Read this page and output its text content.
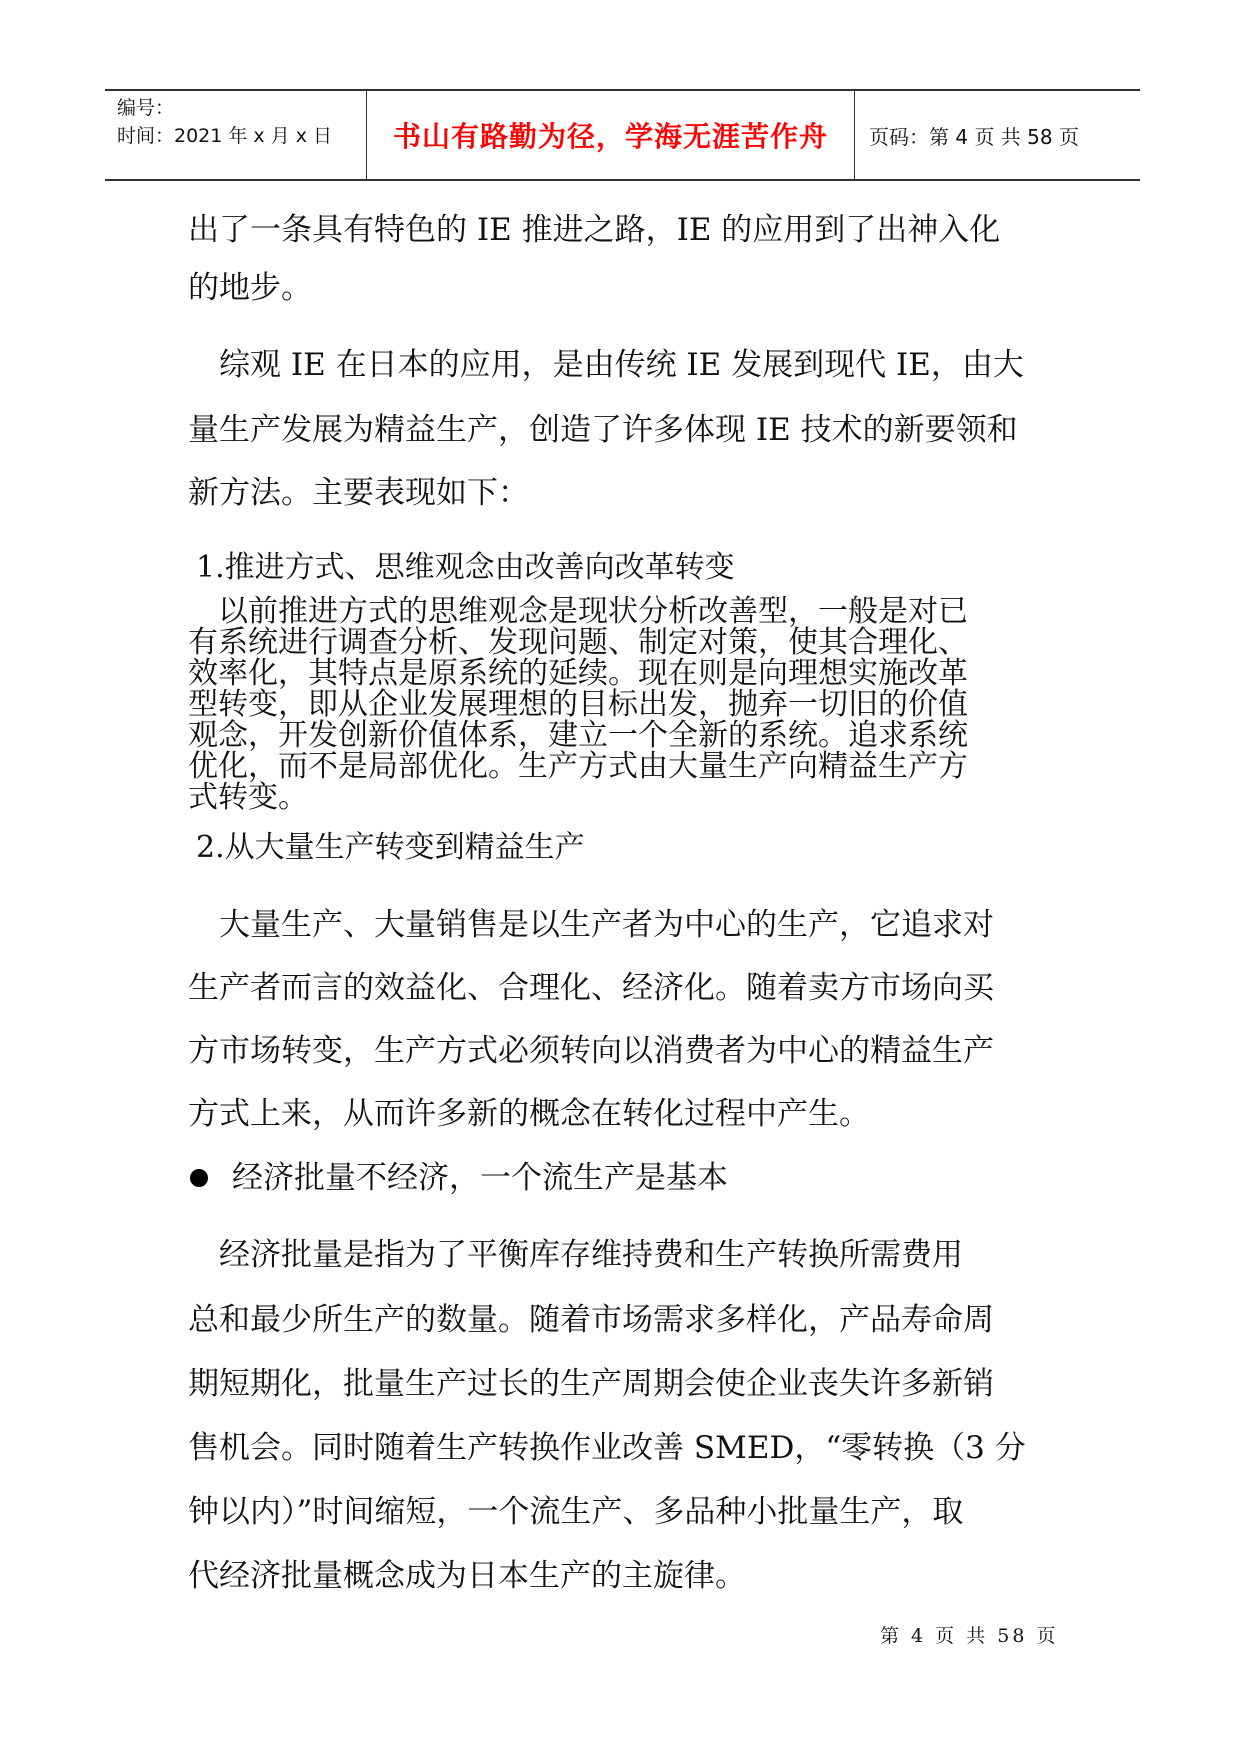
编号：
时间：2021 年 x 月 x 日 书山有路勤为径，学海无涯苦作舟 页码：第 4 页 共 58 页
出了一条具有特色的 IE 推进之路，IE 的应用到了出神入化
的地步。
　综观 IE 在日本的应用，是由传统 IE 发展到现代 IE，由大
量生产发展为精益生产，创造了许多体现 IE 技术的新要领和
新方法。主要表现如下：
1.推进方式、思维观念由改善向改革转变
　以前推进方式的思维观念是现状分析改善型，一般是对已
有系统进行调查分析、发现问题、制定对策，使其合理化、
效率化，其特点是原系统的延续。现在则是向理想实施改革
型转变，即从企业发展理想的目标出发，抛弃一切旧的价值
观念，开发创新价值体系，建立一个全新的系统。追求系统
优化，而不是局部优化。生产方式由大量生产向精益生产方
式转变。
2.从大量生产转变到精益生产
　大量生产、大量销售是以生产者为中心的生产，它追求对
生产者而言的效益化、合理化、经济化。随着卖方市场向买
方市场转变，生产方式必须转向以消费者为中心的精益生产
方式上来，从而许多新的概念在转化过程中产生。
经济批量不经济，一个流生产是基本
　经济批量是指为了平衡库存维持费和生产转换所需费用
总和最少所生产的数量。随着市场需求多样化，产品寿命周
期短期化，批量生产过长的生产周期会使企业丧失许多新销
售机会。同时随着生产转换作业改善 SMED，“零转换（3 分
钟以内）”时间缩短，一个流生产、多品种小批量生产，取
代经济批量概念成为日本生产的主旋律。
第 4 页 共 58 页
